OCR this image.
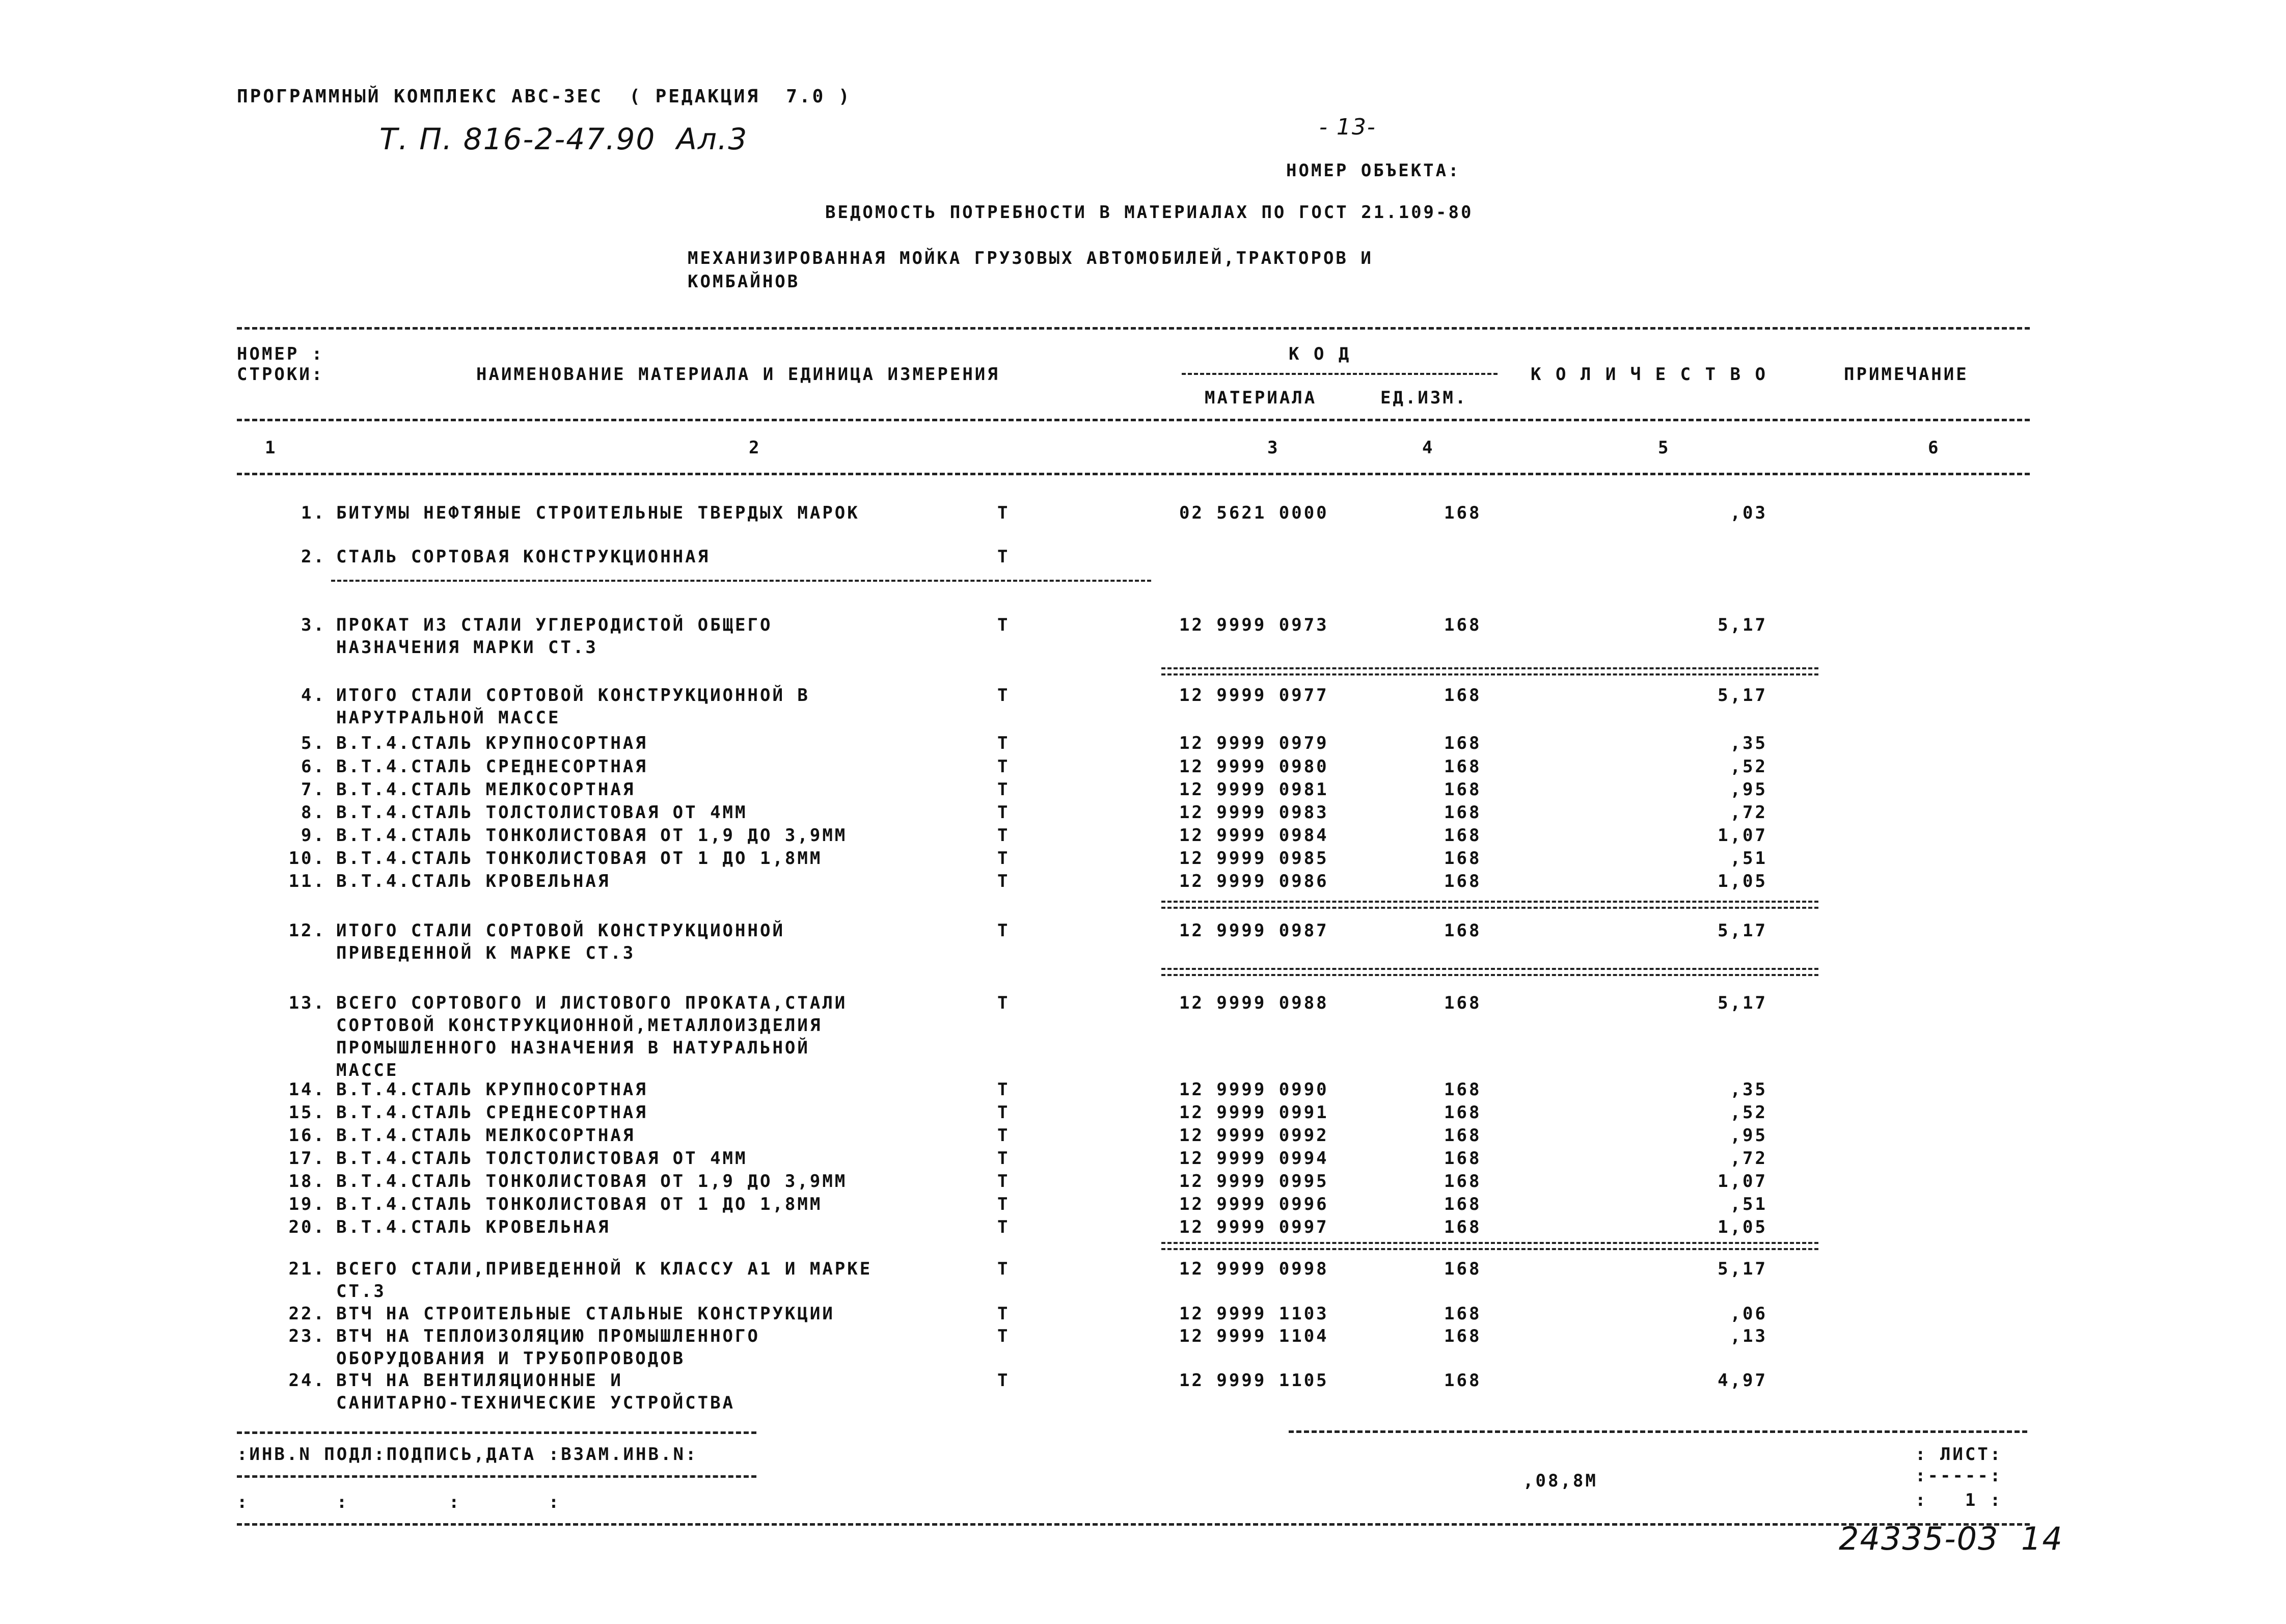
ПРОГРАММНЫЙ КОМПЛЕКС АВС-3ЕС  ( РЕДАКЦИЯ  7.0 )
Т. П. 816-2-47.90  Ал.3	- 13-
НОМЕР ОБЪЕКТА:
ВЕДОМОСТЬ ПОТРЕБНОСТИ В МАТЕРИАЛАХ ПО ГОСТ 21.109-80
МЕХАНИЗИРОВАННАЯ МОЙКА ГРУЗОВЫХ АВТОМОБИЛЕЙ,ТРАКТОРОВ И
КОМБАЙНОВ
НОМЕР :
СТРОКИ:	НАИМЕНОВАНИЕ МАТЕРИАЛА И ЕДИНИЦА ИЗМЕРЕНИЯ
К О Д
МАТЕРИАЛА	ЕД.ИЗМ.
К О Л И Ч Е С Т В О	ПРИМЕЧАНИЕ
1	2	3	4	5	6
1. БИТУМЫ НЕФТЯНЫЕ СТРОИТЕЛЬНЫЕ ТВЕРДЫХ МАРОК	Т	02 5621 0000	168	,03
2. СТАЛЬ СОРТОВАЯ КОНСТРУКЦИОННАЯ	Т
3. ПРОКАТ ИЗ СТАЛИ УГЛЕРОДИСТОЙ ОБЩЕГО
НАЗНАЧЕНИЯ МАРКИ СТ.3
Т	12 9999 0973	168	5,17
4. ИТОГО СТАЛИ СОРТОВОЙ КОНСТРУКЦИОННОЙ В
НАРУТРАЛЬНОЙ МАССЕ
Т	12 9999 0977	168	5,17
5. В.Т.4.СТАЛЬ КРУПНОСОРТНАЯ	Т	12 9999 0979	168	,35
6. В.Т.4.СТАЛЬ СРЕДНЕСОРТНАЯ	Т	12 9999 0980	168	,52
7. В.Т.4.СТАЛЬ МЕЛКОСОРТНАЯ	Т	12 9999 0981	168	,95
8. В.Т.4.СТАЛЬ ТОЛСТОЛИСТОВАЯ ОТ 4ММ	Т	12 9999 0983	168	,72
9. В.Т.4.СТАЛЬ ТОНКОЛИСТОВАЯ ОТ 1,9 ДО 3,9ММ	Т	12 9999 0984	168	1,07
10. В.Т.4.СТАЛЬ ТОНКОЛИСТОВАЯ ОТ 1 ДО 1,8ММ	Т	12 9999 0985	168	,51
11. В.Т.4.СТАЛЬ КРОВЕЛЬНАЯ	Т	12 9999 0986	168	1,05
12. ИТОГО СТАЛИ СОРТОВОЙ КОНСТРУКЦИОННОЙ
ПРИВЕДЕННОЙ К МАРКЕ СТ.3
Т	12 9999 0987	168	5,17
13. ВСЕГО СОРТОВОГО И ЛИСТОВОГО ПРОКАТА,СТАЛИ
СОРТОВОЙ КОНСТРУКЦИОННОЙ,МЕТАЛЛОИЗДЕЛИЯ
ПРОМЫШЛЕННОГО НАЗНАЧЕНИЯ В НАТУРАЛЬНОЙ
МАССЕ
Т	12 9999 0988	168	5,17
14. В.Т.4.СТАЛЬ КРУПНОСОРТНАЯ	Т	12 9999 0990	168	,35
15. В.Т.4.СТАЛЬ СРЕДНЕСОРТНАЯ	Т	12 9999 0991	168	,52
16. В.Т.4.СТАЛЬ МЕЛКОСОРТНАЯ	Т	12 9999 0992	168	,95
17. В.Т.4.СТАЛЬ ТОЛСТОЛИСТОВАЯ ОТ 4ММ	Т	12 9999 0994	168	,72
18. В.Т.4.СТАЛЬ ТОНКОЛИСТОВАЯ ОТ 1,9 ДО 3,9ММ	Т	12 9999 0995	168	1,07
19. В.Т.4.СТАЛЬ ТОНКОЛИСТОВАЯ ОТ 1 ДО 1,8ММ	Т	12 9999 0996	168	,51
20. В.Т.4.СТАЛЬ КРОВЕЛЬНАЯ	Т	12 9999 0997	168	1,05
21. ВСЕГО СТАЛИ,ПРИВЕДЕННОЙ К КЛАССУ А1 И МАРКЕ
СТ.3
Т	12 9999 0998	168	5,17
22. ВТЧ НА СТРОИТЕЛЬНЫЕ СТАЛЬНЫЕ КОНСТРУКЦИИ	Т	12 9999 1103	168	,06
23. ВТЧ НА ТЕПЛОИЗОЛЯЦИЮ ПРОМЫШЛЕННОГО
ОБОРУДОВАНИЯ И ТРУБОПРОВОДОВ
Т	12 9999 1104	168	,13
24. ВТЧ НА ВЕНТИЛЯЦИОННЫЕ И
САНИТАРНО-ТЕХНИЧЕСКИЕ УСТРОЙСТВА
Т	12 9999 1105	168	4,97
:ИНВ.N ПОДЛ:ПОДПИСЬ,ДАТА :ВЗАМ.ИНВ.N:
:       :        :       :
,08,8М
: ЛИСТ:
:-----:
:   1 :
24335-03  14
